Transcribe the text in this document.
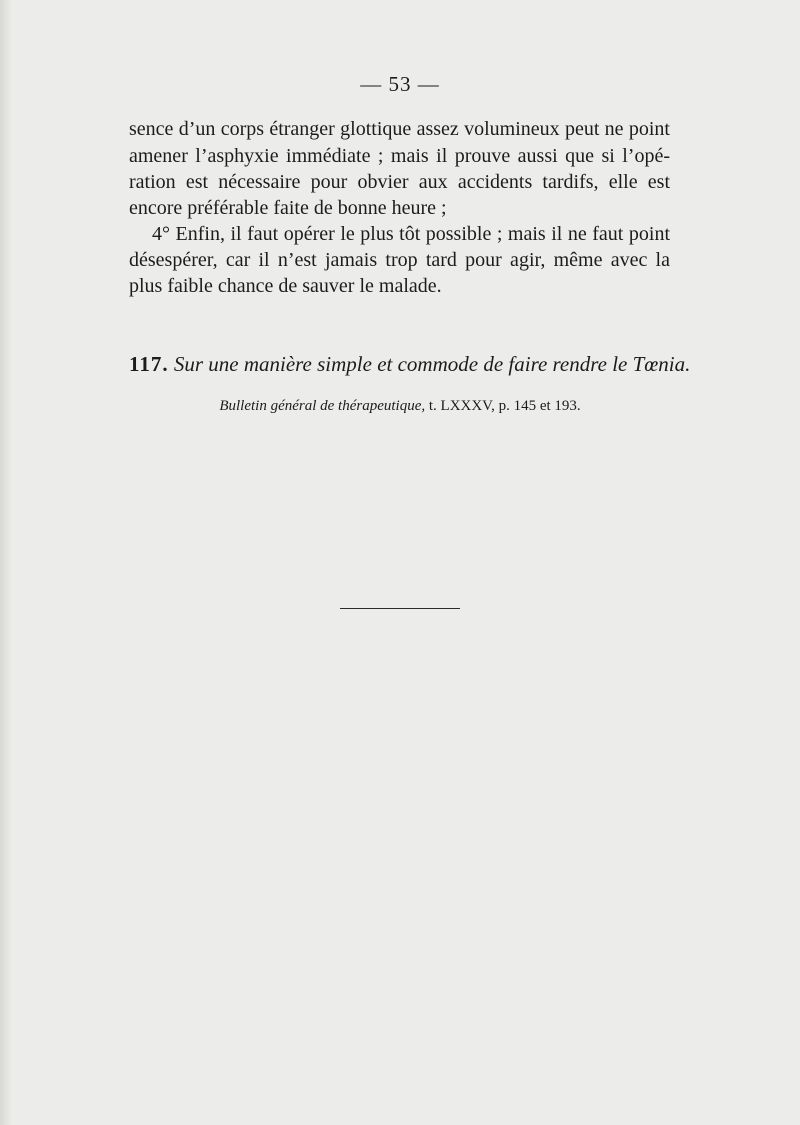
— 53 —
sence d’un corps étranger glottique assez volumineux peut ne point
amener l’asphyxie immédiate ; mais il prouve aussi que si l’opé-
ration est nécessaire pour obvier aux accidents tardifs, elle est
encore préférable faite de bonne heure ;
4° Enfin, il faut opérer le plus tôt possible ; mais il ne faut point
désespérer, car il n’est jamais trop tard pour agir, même avec la
plus faible chance de sauver le malade.
117. Sur une manière simple et commode de faire rendre le Tœnia.
Bulletin général de thérapeutique, t. LXXXV, p. 145 et 193.
